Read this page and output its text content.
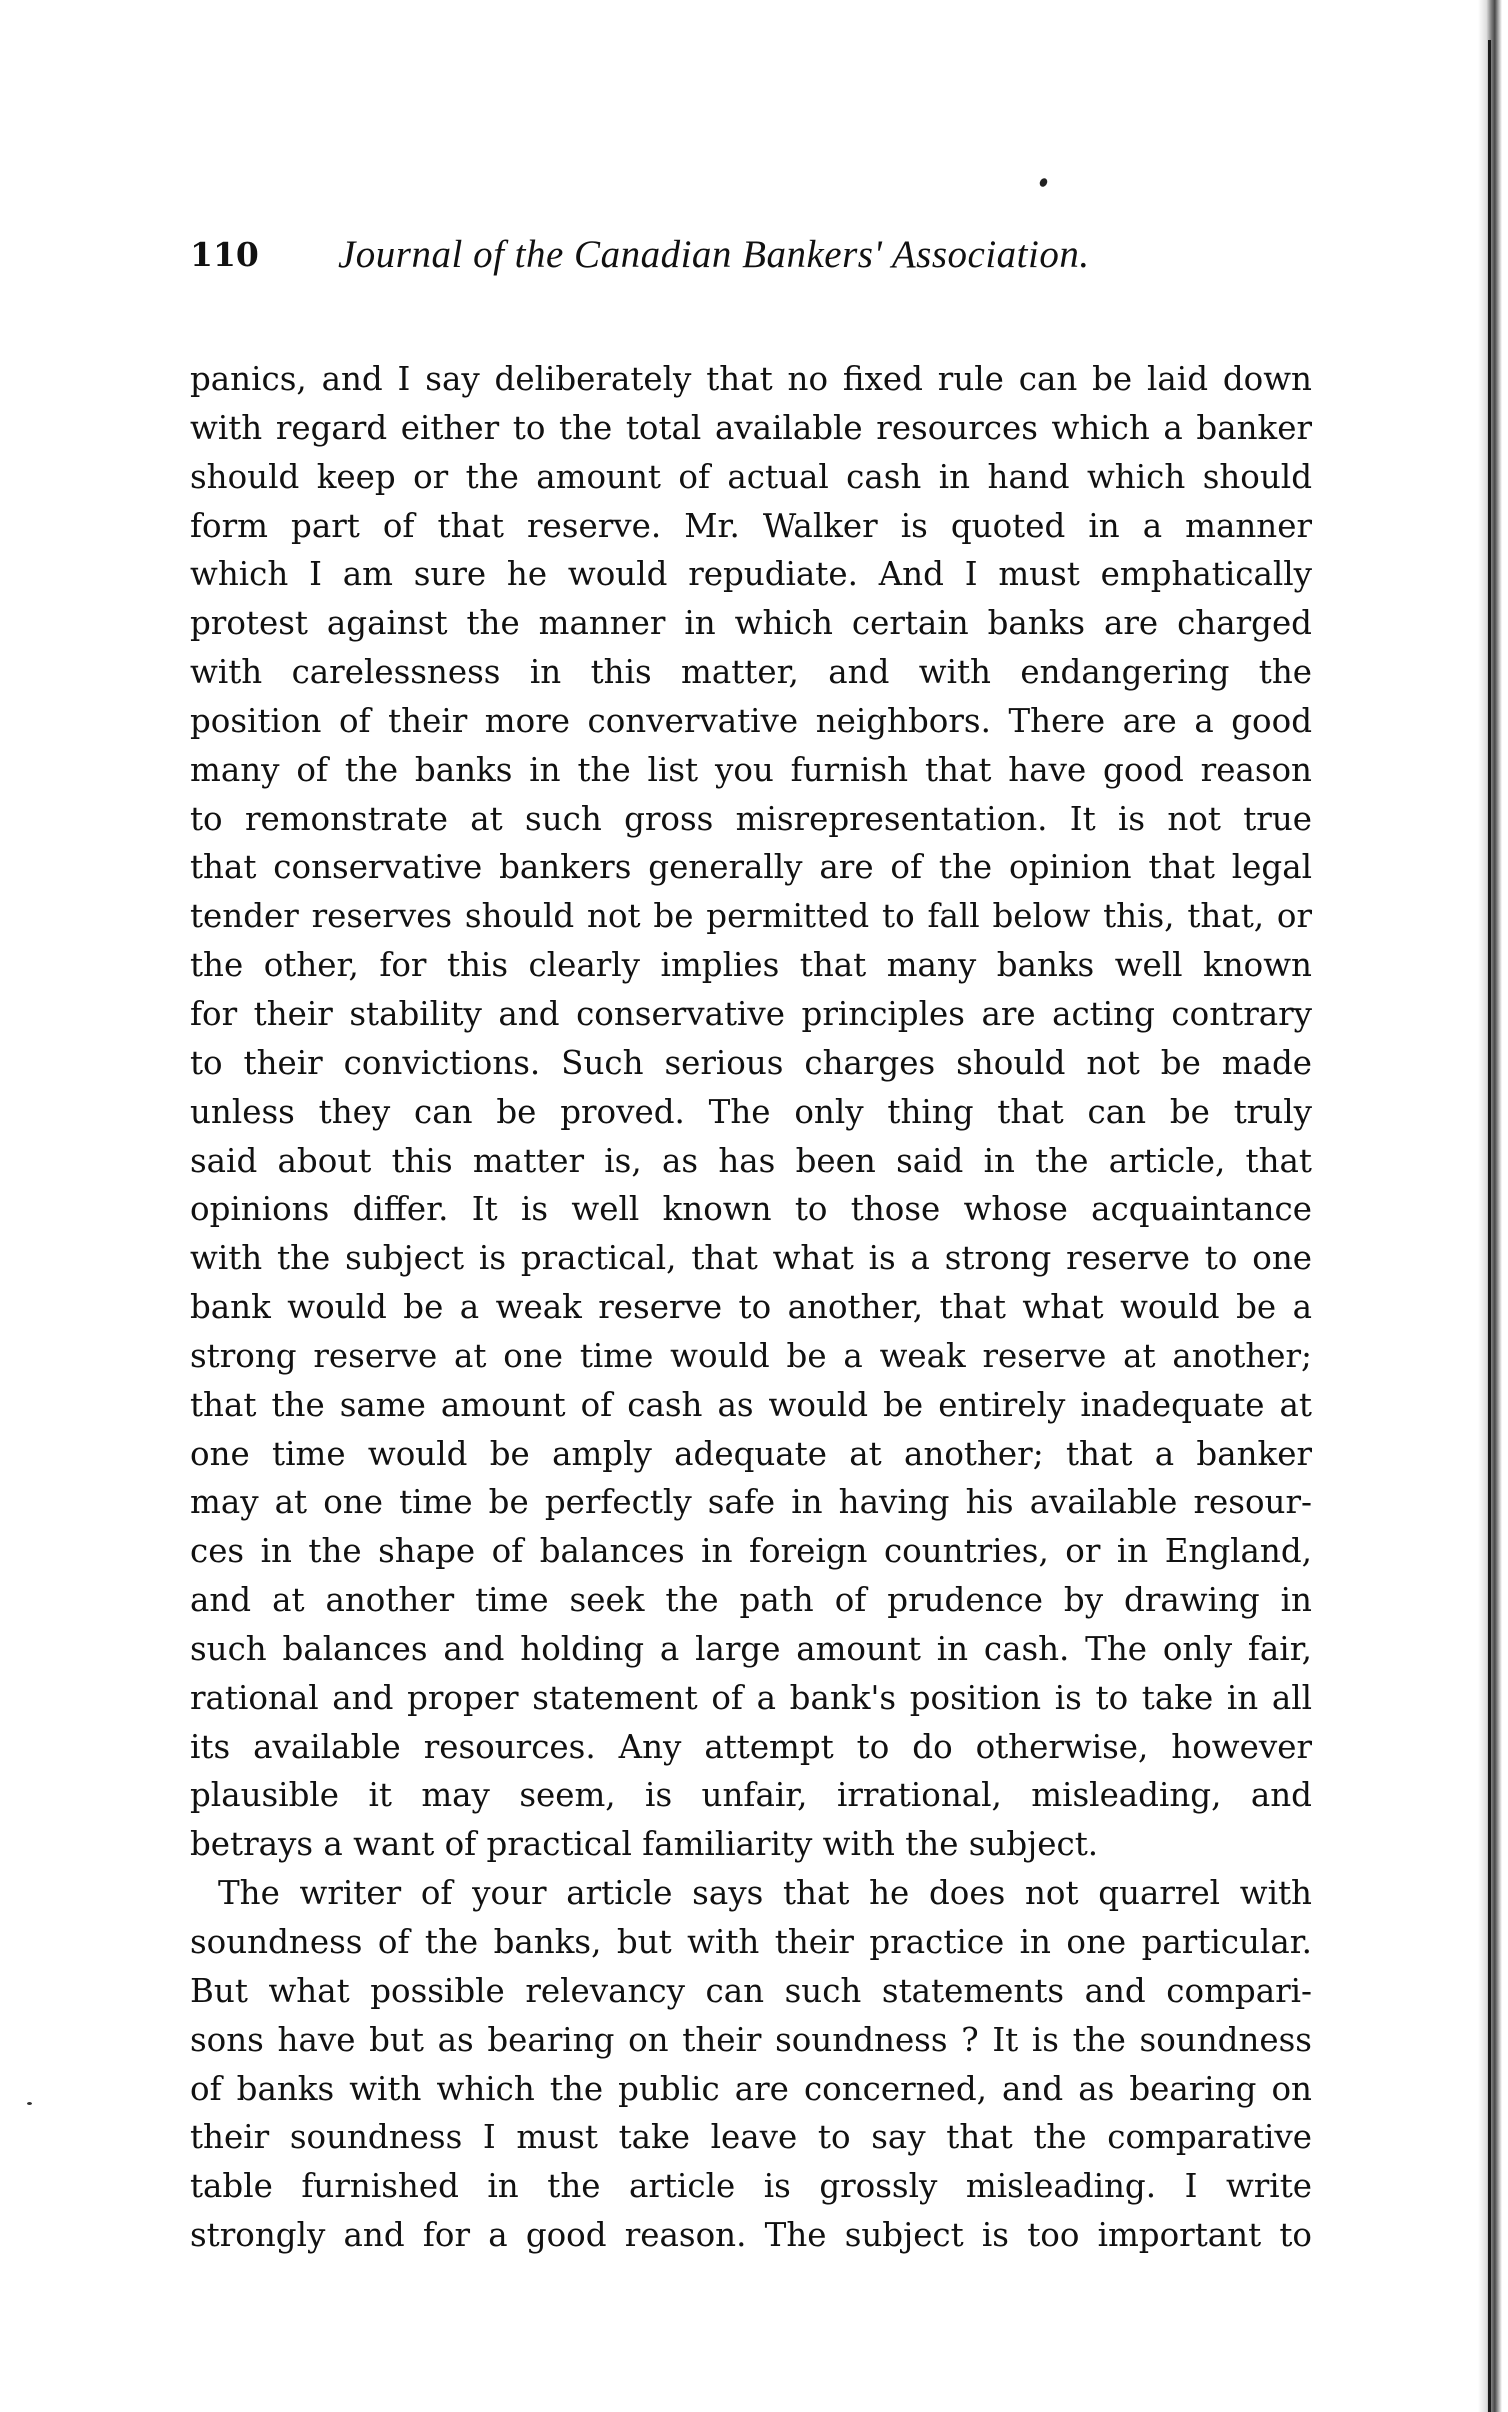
110 Journal of the Canadian Bankers' Association.
panics, and I say deliberately that no fixed rule can be laid down
with regard either to the total available resources which a banker
should keep or the amount of actual cash in hand which should
form part of that reserve. Mr. Walker is quoted in a manner
which I am sure he would repudiate. And I must emphatically
protest against the manner in which certain banks are charged
with carelessness in this matter, and with endangering the
position of their more convervative neighbors. There are a good
many of the banks in the list you furnish that have good reason
to remonstrate at such gross misrepresentation. It is not true
that conservative bankers generally are of the opinion that legal
tender reserves should not be permitted to fall below this, that, or
the other, for this clearly implies that many banks well known
for their stability and conservative principles are acting contrary
to their convictions. Such serious charges should not be made
unless they can be proved. The only thing that can be truly
said about this matter is, as has been said in the article, that
opinions differ. It is well known to those whose acquaintance
with the subject is practical, that what is a strong reserve to one
bank would be a weak reserve to another, that what would be a
strong reserve at one time would be a weak reserve at another;
that the same amount of cash as would be entirely inadequate at
one time would be amply adequate at another; that a banker
may at one time be perfectly safe in having his available resour-
ces in the shape of balances in foreign countries, or in England,
and at another time seek the path of prudence by drawing in
such balances and holding a large amount in cash. The only fair,
rational and proper statement of a bank's position is to take in all
its available resources. Any attempt to do otherwise, however
plausible it may seem, is unfair, irrational, misleading, and
betrays a want of practical familiarity with the subject.
The writer of your article says that he does not quarrel with
soundness of the banks, but with their practice in one particular.
But what possible relevancy can such statements and compari-
sons have but as bearing on their soundness ? It is the soundness
of banks with which the public are concerned, and as bearing on
their soundness I must take leave to say that the comparative
table furnished in the article is grossly misleading. I write
strongly and for a good reason. The subject is too important to
